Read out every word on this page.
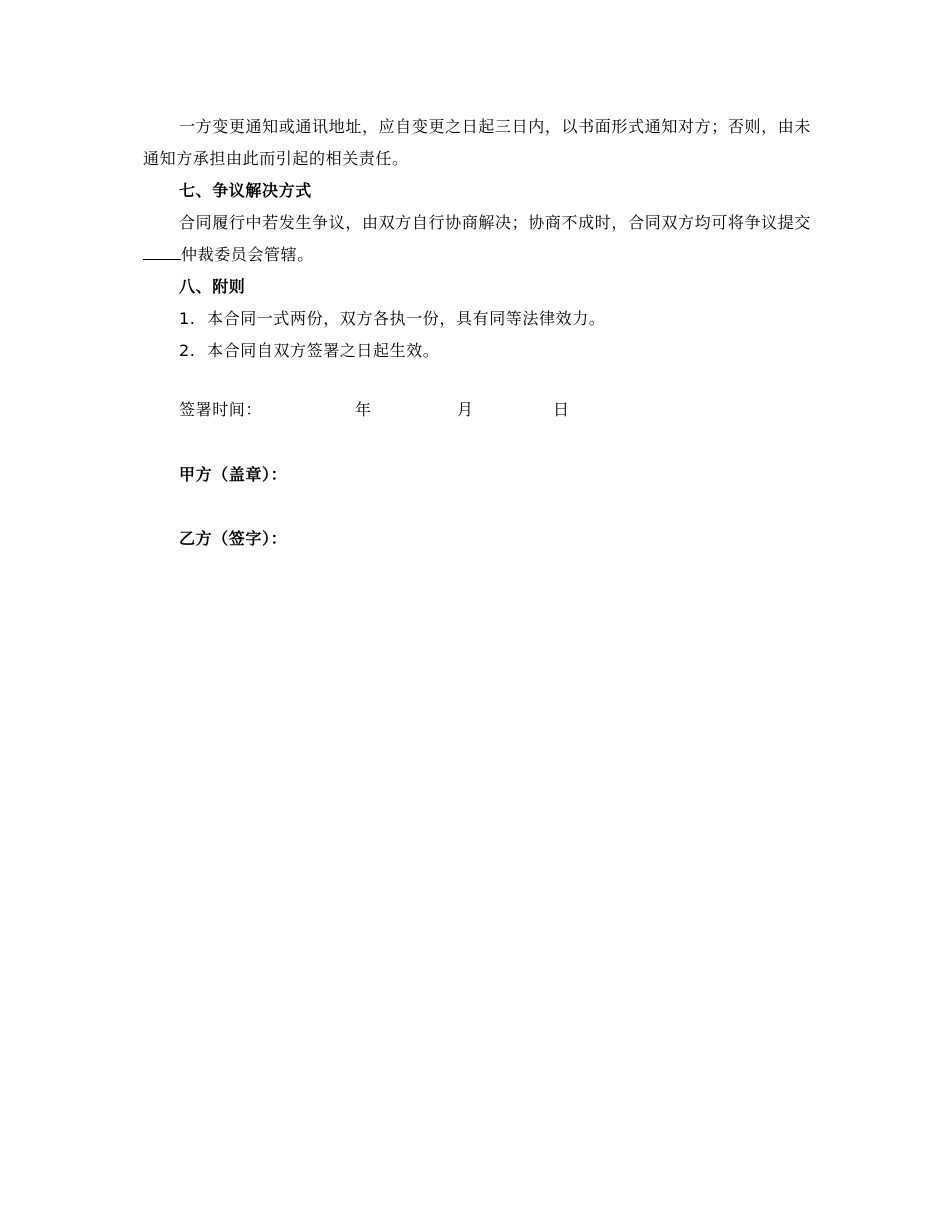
一方变更通知或通讯地址，应自变更之日起三日内，以书面形式通知对方；否则，由未通知方承担由此而引起的相关责任。

七、争议解决方式

合同履行中若发生争议，由双方自行协商解决；协商不成时，合同双方均可将争议提交仲裁委员会管辖。

八、附则

1. 本合同一式两份，双方各执一份，具有同等法律效力。

2. 本合同自双方签署之日起生效。

签署时间：	年	月	日
甲方（盖章）：
乙方（签字）：
